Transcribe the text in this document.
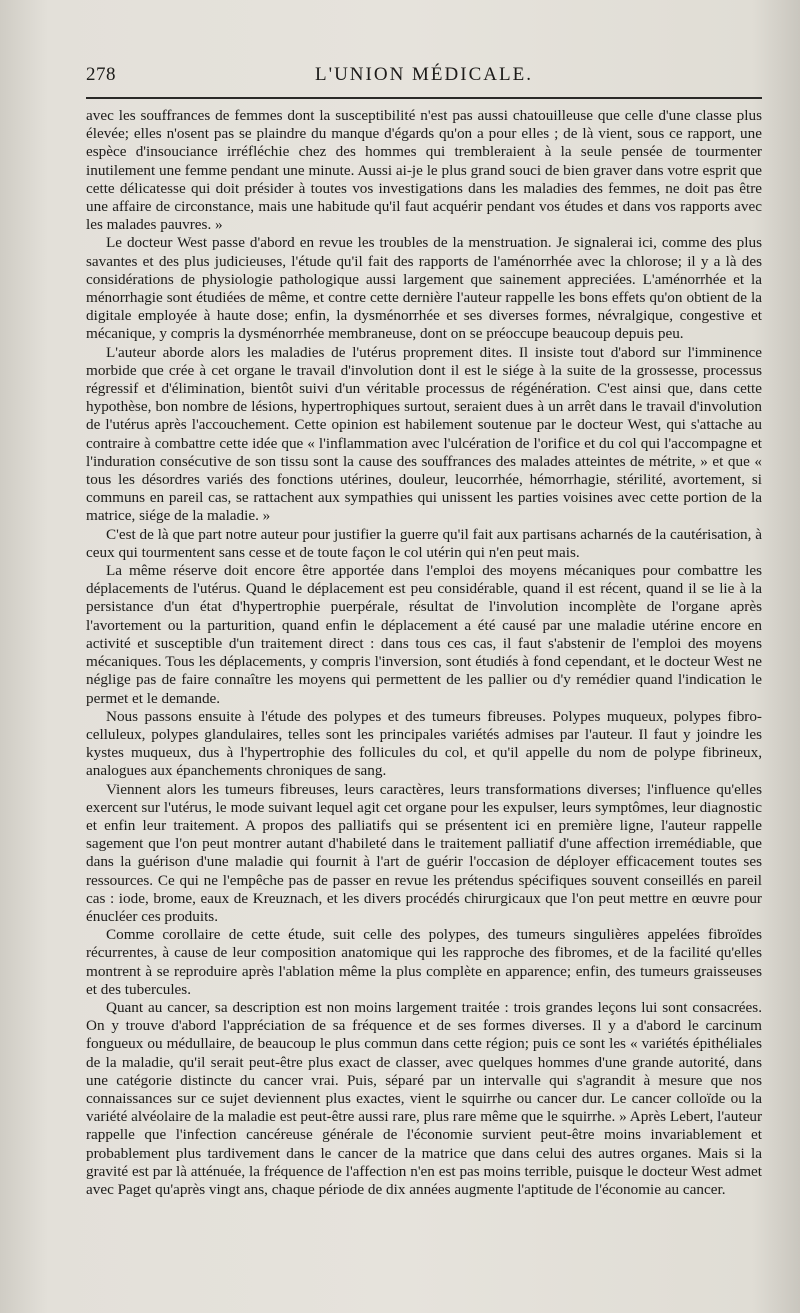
278	L'UNION MÉDICALE.

avec les souffrances de femmes dont la susceptibilité n'est pas aussi chatouilleuse que celle d'une classe plus élevée; elles n'osent pas se plaindre du manque d'égards qu'on a pour elles ; de là vient, sous ce rapport, une espèce d'insouciance irréfléchie chez des hommes qui trembleraient à la seule pensée de tourmenter inutilement une femme pendant une minute. Aussi ai-je le plus grand souci de bien graver dans votre esprit que cette délicatesse qui doit présider à toutes vos investigations dans les maladies des femmes, ne doit pas être une affaire de circonstance, mais une habitude qu'il faut acquérir pendant vos études et dans vos rapports avec les malades pauvres. »

Le docteur West passe d'abord en revue les troubles de la menstruation. Je signalerai ici, comme des plus savantes et des plus judicieuses, l'étude qu'il fait des rapports de l'aménorrhée avec la chlorose; il y a là des considérations de physiologie pathologique aussi largement que sainement appreciées. L'aménorrhée et la ménorrhagie sont étudiées de même, et contre cette dernière l'auteur rappelle les bons effets qu'on obtient de la digitale employée à haute dose; enfin, la dysménorrhée et ses diverses formes, névralgique, congestive et mécanique, y compris la dysménorrhée membraneuse, dont on se préoccupe beaucoup depuis peu.

L'auteur aborde alors les maladies de l'utérus proprement dites. Il insiste tout d'abord sur l'imminence morbide que crée à cet organe le travail d'involution dont il est le siége à la suite de la grossesse, processus régressif et d'élimination, bientôt suivi d'un véritable processus de régénération. C'est ainsi que, dans cette hypothèse, bon nombre de lésions, hypertrophiques surtout, seraient dues à un arrêt dans le travail d'involution de l'utérus après l'accouchement. Cette opinion est habilement soutenue par le docteur West, qui s'attache au contraire à combattre cette idée que « l'inflammation avec l'ulcération de l'orifice et du col qui l'accompagne et l'induration consécutive de son tissu sont la cause des souffrances des malades atteintes de métrite, » et que « tous les désordres variés des fonctions utérines, douleur, leucorrhée, hémorrhagie, stérilité, avortement, si communs en pareil cas, se rattachent aux sympathies qui unissent les parties voisines avec cette portion de la matrice, siége de la maladie. »

C'est de là que part notre auteur pour justifier la guerre qu'il fait aux partisans acharnés de la cautérisation, à ceux qui tourmentent sans cesse et de toute façon le col utérin qui n'en peut mais.

La même réserve doit encore être apportée dans l'emploi des moyens mécaniques pour combattre les déplacements de l'utérus. Quand le déplacement est peu considérable, quand il est récent, quand il se lie à la persistance d'un état d'hypertrophie puerpérale, résultat de l'involution incomplète de l'organe après l'avortement ou la parturition, quand enfin le déplacement a été causé par une maladie utérine encore en activité et susceptible d'un traitement direct : dans tous ces cas, il faut s'abstenir de l'emploi des moyens mécaniques. Tous les déplacements, y compris l'inversion, sont étudiés à fond cependant, et le docteur West ne néglige pas de faire connaître les moyens qui permettent de les pallier ou d'y remédier quand l'indication le permet et le demande.

Nous passons ensuite à l'étude des polypes et des tumeurs fibreuses. Polypes muqueux, polypes fibro-celluleux, polypes glandulaires, telles sont les principales variétés admises par l'auteur. Il faut y joindre les kystes muqueux, dus à l'hypertrophie des follicules du col, et qu'il appelle du nom de polype fibrineux, analogues aux épanchements chroniques de sang.

Viennent alors les tumeurs fibreuses, leurs caractères, leurs transformations diverses; l'influence qu'elles exercent sur l'utérus, le mode suivant lequel agit cet organe pour les expulser, leurs symptômes, leur diagnostic et enfin leur traitement. A propos des palliatifs qui se présentent ici en première ligne, l'auteur rappelle sagement que l'on peut montrer autant d'habileté dans le traitement palliatif d'une affection irremédiable, que dans la guérison d'une maladie qui fournit à l'art de guérir l'occasion de déployer efficacement toutes ses ressources. Ce qui ne l'empêche pas de passer en revue les prétendus spécifiques souvent conseillés en pareil cas : iode, brome, eaux de Kreuznach, et les divers procédés chirurgicaux que l'on peut mettre en œuvre pour énucléer ces produits.

Comme corollaire de cette étude, suit celle des polypes, des tumeurs singulières appelées fibroïdes récurrentes, à cause de leur composition anatomique qui les rapproche des fibromes, et de la facilité qu'elles montrent à se reproduire après l'ablation même la plus complète en apparence; enfin, des tumeurs graisseuses et des tubercules.

Quant au cancer, sa description est non moins largement traitée : trois grandes leçons lui sont consacrées. On y trouve d'abord l'appréciation de sa fréquence et de ses formes diverses. Il y a d'abord le carcinum fongueux ou médullaire, de beaucoup le plus commun dans cette région; puis ce sont les « variétés épithéliales de la maladie, qu'il serait peut-être plus exact de classer, avec quelques hommes d'une grande autorité, dans une catégorie distincte du cancer vrai. Puis, séparé par un intervalle qui s'agrandit à mesure que nos connaissances sur ce sujet deviennent plus exactes, vient le squirrhe ou cancer dur. Le cancer colloïde ou la variété alvéolaire de la maladie est peut-être aussi rare, plus rare même que le squirrhe. » Après Lebert, l'auteur rappelle que l'infection cancéreuse générale de l'économie survient peut-être moins invariablement et probablement plus tardivement dans le cancer de la matrice que dans celui des autres organes. Mais si la gravité est par là atténuée, la fréquence de l'affection n'en est pas moins terrible, puisque le docteur West admet avec Paget qu'après vingt ans, chaque période de dix années augmente l'aptitude de l'économie au cancer.
